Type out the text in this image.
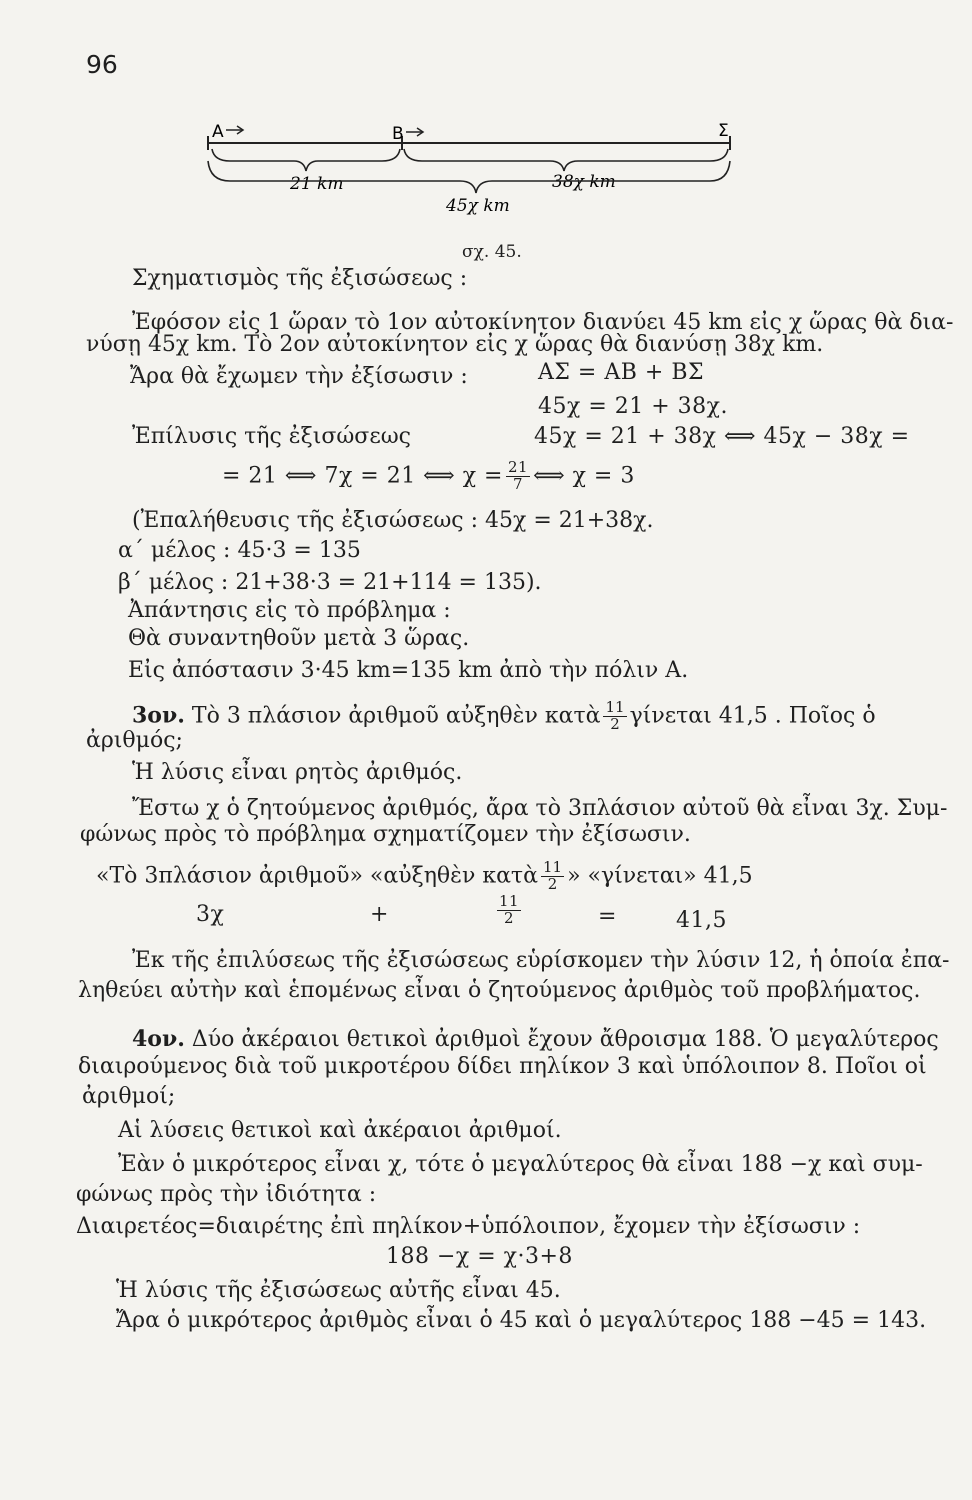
96
A	B	Σ
21 km	38χ km
45χ km
σχ. 45.
Σχηματισμὸς τῆς ἐξισώσεως :
Ἐφόσον εἰς 1 ὥραν τὸ 1ον αὐτοκίνητον διανύει 45 km εἰς χ ὥρας θὰ δια-
νύσῃ 45χ km. Τὸ 2ον αὐτοκίνητον εἰς χ ὥρας θὰ διανύσῃ 38χ km.
Ἄρα θὰ ἔχωμεν τὴν ἐξίσωσιν :	ΑΣ = ΑΒ + ΒΣ
45χ = 21 + 38χ.
Ἐπίλυσις τῆς ἐξισώσεως	45χ = 21 + 38χ ⟺ 45χ − 38χ =
= 21 ⟺ 7χ = 21 ⟺ $\chi = \frac{21}{7}$ ⟺ χ = 3
(Ἐπαλήθευσις τῆς ἐξισώσεως : 45χ = 21+38χ.
α΄ μέλος : 45·3 = 135
β΄ μέλος : 21+38·3 = 21+114 = 135).
Ἀπάντησις εἰς τὸ πρόβλημα :
Θὰ συναντηθοῦν μετὰ 3 ὥρας.
Εἰς ἀπόστασιν 3·45 km=135 km ἀπὸ τὴν πόλιν Α.
3ον. Τὸ 3 πλάσιον ἀριθμοῦ αὐξηθὲν κατὰ $\frac{11}{2}$ γίνεται 41,5 . Ποῖος ὁ
ἀριθμός;
Ἡ λύσις εἶναι ρητὸς ἀριθμός.
Ἔστω χ ὁ ζητούμενος ἀριθμός, ἄρα τὸ 3πλάσιον αὐτοῦ θὰ εἶναι 3χ. Συμ-
φώνως πρὸς τὸ πρόβλημα σχηματίζομεν τὴν ἐξίσωσιν.
«Τὸ 3πλάσιον ἀριθμοῦ» «αὐξηθὲν κατὰ $\frac{11}{2}$ » «γίνεται» 41,5
3χ	+	$\frac{11}{2}$	=	41,5
Ἐκ τῆς ἐπιλύσεως τῆς ἐξισώσεως εὑρίσκομεν τὴν λύσιν 12, ἡ ὁποία ἐπα-
ληθεύει αὐτὴν καὶ ἑπομένως εἶναι ὁ ζητούμενος ἀριθμὸς τοῦ προβλήματος.
4ον. Δύο ἀκέραιοι θετικοὶ ἀριθμοὶ ἔχουν ἄθροισμα 188. Ὁ μεγαλύτερος
διαιρούμενος διὰ τοῦ μικροτέρου δίδει πηλίκον 3 καὶ ὑπόλοιπον 8. Ποῖοι οἱ
ἀριθμοί;
Αἱ λύσεις θετικοὶ καὶ ἀκέραιοι ἀριθμοί.
Ἐὰν ὁ μικρότερος εἶναι χ, τότε ὁ μεγαλύτερος θὰ εἶναι 188 −χ καὶ συμ-
φώνως πρὸς τὴν ἰδιότητα :
Διαιρετέος=διαιρέτης ἐπὶ πηλίκον+ὑπόλοιπον, ἔχομεν τὴν ἐξίσωσιν :
188 −χ = χ·3+8
Ἡ λύσις τῆς ἐξισώσεως αὐτῆς εἶναι 45.
Ἄρα ὁ μικρότερος ἀριθμὸς εἶναι ὁ 45 καὶ ὁ μεγαλύτερος 188 −45 = 143.
